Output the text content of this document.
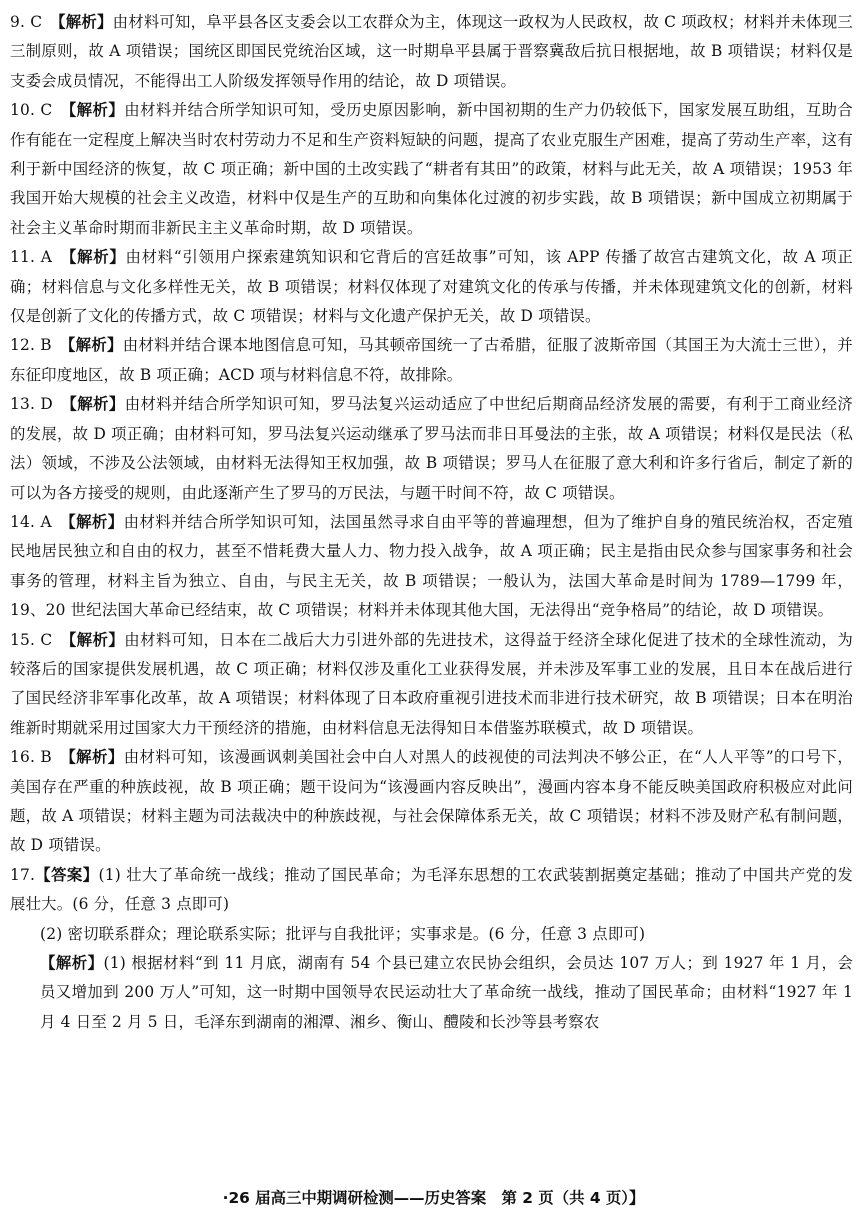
9. C　 【解析】由材料可知，阜平县各区支委会以工农群众为主，体现这一政权为人民政权，故 C 项政权；材料并未体现三三制原则，故 A 项错误；国统区即国民党统治区域，这一时期阜平县属于晋察冀敌后抗日根据地，故 B 项错误；材料仅是支委会成员情况，不能得出工人阶级发挥领导作用的结论，故 D 项错误。

10. C　 【解析】由材料并结合所学知识可知，受历史原因影响，新中国初期的生产力仍较低下，国家发展互助组，互助合作有能在一定程度上解决当时农村劳动力不足和生产资料短缺的问题，提高了农业克服生产困难，提高了劳动生产率，这有利于新中国经济的恢复，故 C 项正确；新中国的土改实践了“耕者有其田”的政策，材料与此无关，故 A 项错误；1953 年我国开始大规模的社会主义改造，材料中仅是生产的互助和向集体化过渡的初步实践，故 B 项错误；新中国成立初期属于社会主义革命时期而非新民主主义革命时期，故 D 项错误。

11. A　 【解析】由材料“引领用户探索建筑知识和它背后的宫廷故事”可知，该 APP 传播了故宫古建筑文化，故 A 项正确；材料信息与文化多样性无关，故 B 项错误；材料仅体现了对建筑文化的传承与传播，并未体现建筑文化的创新，材料仅是创新了文化的传播方式，故 C 项错误；材料与文化遗产保护无关，故 D 项错误。

12. B　 【解析】由材料并结合课本地图信息可知，马其顿帝国统一了古希腊，征服了波斯帝国（其国王为大流士三世），并东征印度地区，故 B 项正确；ACD 项与材料信息不符，故排除。

13. D　 【解析】由材料并结合所学知识可知，罗马法复兴运动适应了中世纪后期商品经济发展的需要，有利于工商业经济的发展，故 D 项正确；由材料可知，罗马法复兴运动继承了罗马法而非日耳曼法的主张，故 A 项错误；材料仅是民法（私法）领域，不涉及公法领域，由材料无法得知王权加强，故 B 项错误；罗马人在征服了意大利和许多行省后，制定了新的可以为各方接受的规则，由此逐渐产生了罗马的万民法，与题干时间不符，故 C 项错误。

14. A　 【解析】由材料并结合所学知识可知，法国虽然寻求自由平等的普遍理想，但为了维护自身的殖民统治权，否定殖民地居民独立和自由的权力，甚至不惜耗费大量人力、物力投入战争，故 A 项正确；民主是指由民众参与国家事务和社会事务的管理，材料主旨为独立、自由，与民主无关，故 B 项错误；一般认为，法国大革命是时间为 1789—1799 年，19、20 世纪法国大革命已经结束，故 C 项错误；材料并未体现其他大国，无法得出“竞争格局”的结论，故 D 项错误。

15. C　 【解析】由材料可知，日本在二战后大力引进外部的先进技术，这得益于经济全球化促进了技术的全球性流动，为较落后的国家提供发展机遇，故 C 项正确；材料仅涉及重化工业获得发展，并未涉及军事工业的发展，且日本在战后进行了国民经济非军事化改革，故 A 项错误；材料体现了日本政府重视引进技术而非进行技术研究，故 B 项错误；日本在明治维新时期就采用过国家大力干预经济的措施，由材料信息无法得知日本借鉴苏联模式，故 D 项错误。

16. B　 【解析】由材料可知，该漫画讽刺美国社会中白人对黑人的歧视使的司法判决不够公正，在“人人平等”的口号下，美国存在严重的种族歧视，故 B 项正确；题干设问为“该漫画内容反映出”，漫画内容本身不能反映美国政府积极应对此问题，故 A 项错误；材料主题为司法裁决中的种族歧视，与社会保障体系无关，故 C 项错误；材料不涉及财产私有制问题，故 D 项错误。

17.【答案】(1) 壮大了革命统一战线；推动了国民革命；为毛泽东思想的工农武装割据奠定基础；推动了中国共产党的发展壮大。(6 分，任意 3 点即可)

(2) 密切联系群众；理论联系实际；批评与自我批评；实事求是。(6 分，任意 3 点即可)

【解析】(1) 根据材料“到 11 月底，湖南有 54 个县已建立农民协会组织，会员达 107 万人；到 1927 年 1 月，会员又增加到 200 万人”可知，这一时期中国领导农民运动壮大了革命统一战线，推动了国民革命；由材料“1927 年 1 月 4 日至 2 月 5 日，毛泽东到湖南的湘潭、湘乡、衡山、醴陵和长沙等县考察农

·26 届高三中期调研检测——历史答案　第 2 页（共 4 页）】
